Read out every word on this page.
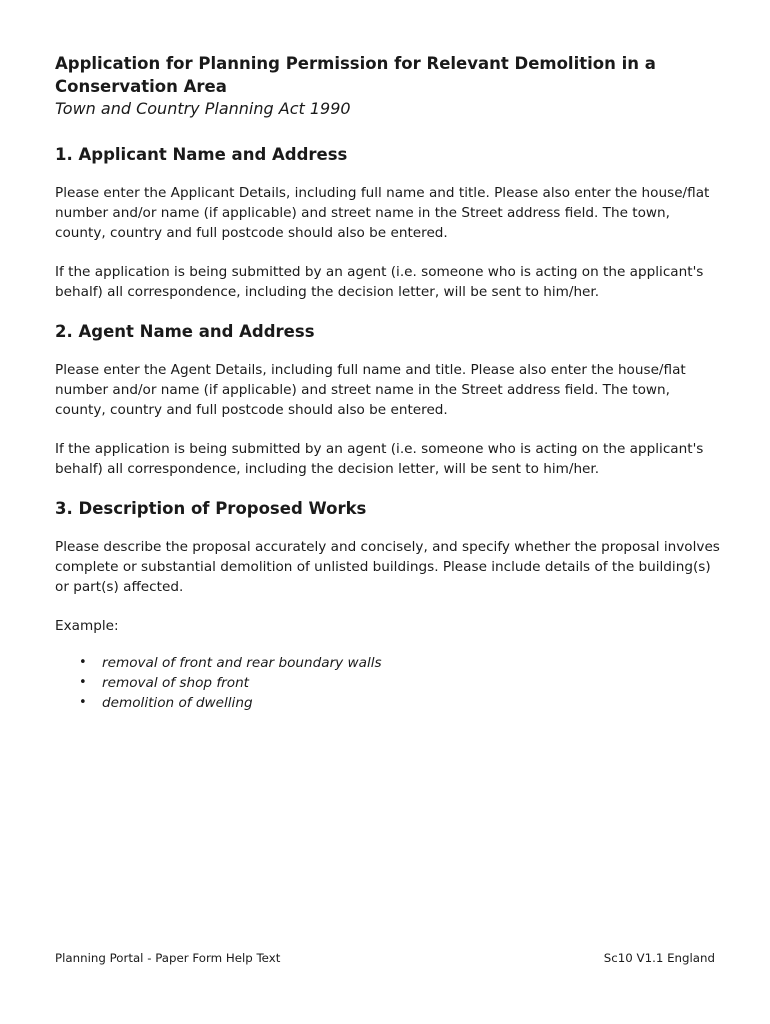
Application for Planning Permission for Relevant Demolition in a Conservation Area

Town and Country Planning Act 1990

1. Applicant Name and Address

Please enter the Applicant Details, including full name and title. Please also enter the house/flat number and/or name (if applicable) and street name in the Street address field. The town, county, country and full postcode should also be entered.

If the application is being submitted by an agent (i.e. someone who is acting on the applicant's behalf) all correspondence, including the decision letter, will be sent to him/her.

2. Agent Name and Address

Please enter the Agent Details, including full name and title. Please also enter the house/flat number and/or name (if applicable) and street name in the Street address field. The town, county, country and full postcode should also be entered.

If the application is being submitted by an agent (i.e. someone who is acting on the applicant's behalf) all correspondence, including the decision letter, will be sent to him/her.

3. Description of Proposed Works

Please describe the proposal accurately and concisely, and specify whether the proposal involves complete or substantial demolition of unlisted buildings. Please include details of the building(s) or part(s) affected.

Example:

• removal of front and rear boundary walls
• removal of shop front
• demolition of dwelling
Planning Portal - Paper Form Help Text	Sc10 V1.1 England
